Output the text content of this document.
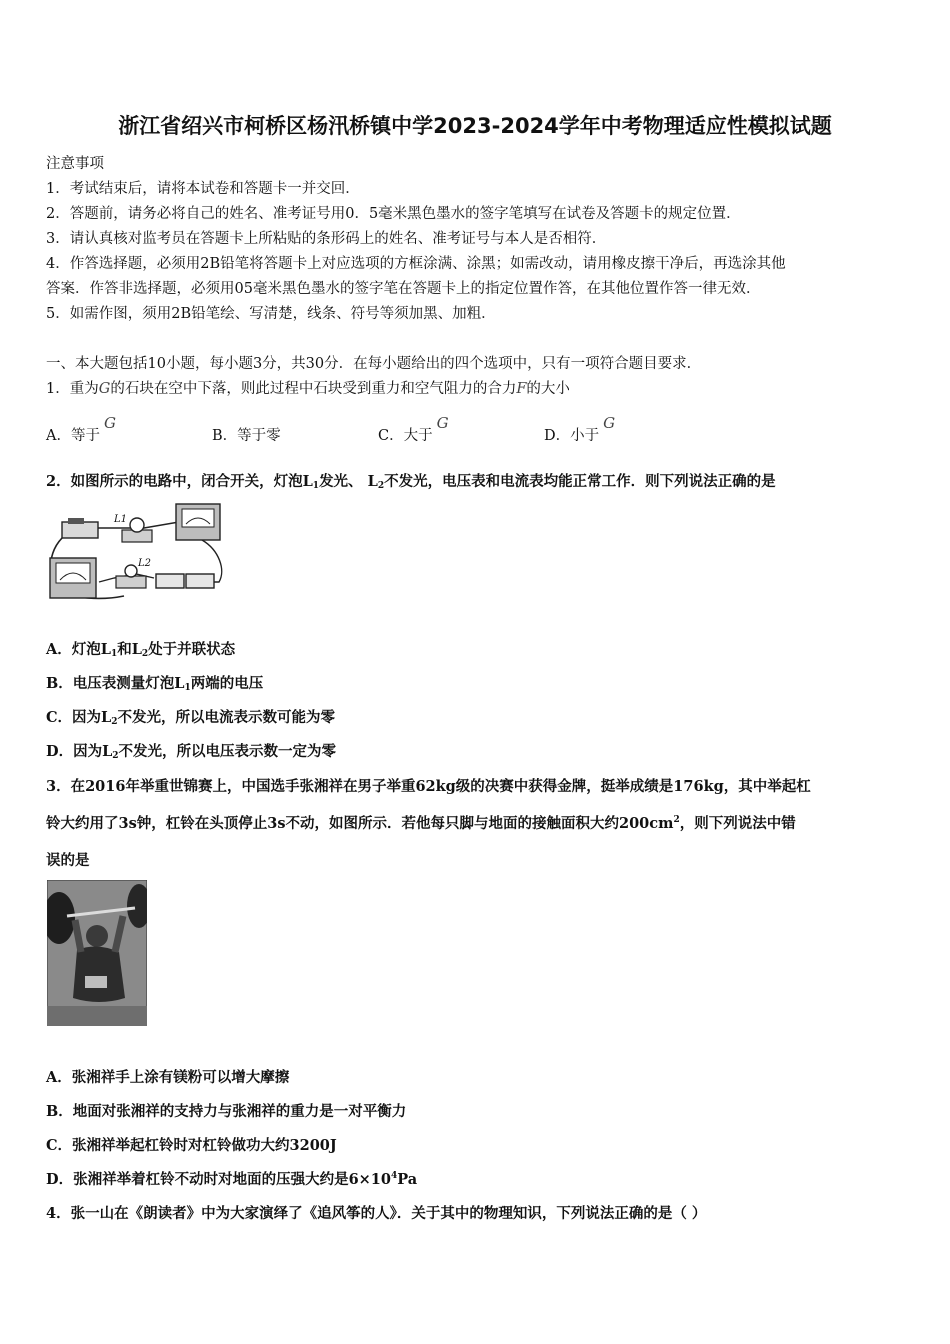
浙江省绍兴市柯桥区杨汛桥镇中学2023-2024学年中考物理适应性模拟试题
注意事项
1．考试结束后，请将本试卷和答题卡一并交回．
2．答题前，请务必将自己的姓名、准考证号用0．5毫米黑色墨水的签字笔填写在试卷及答题卡的规定位置．
3．请认真核对监考员在答题卡上所粘贴的条形码上的姓名、准考证号与本人是否相符．
4．作答选择题，必须用2B铅笔将答题卡上对应选项的方框涂满、涂黑；如需改动，请用橡皮擦干净后，再选涂其他
答案．作答非选择题，必须用05毫米黑色墨水的签字笔在答题卡上的指定位置作答，在其他位置作答一律无效．
5．如需作图，须用2B铅笔绘、写清楚，线条、符号等须加黑、加粗．
一、本大题包括10小题，每小题3分，共30分．在每小题给出的四个选项中，只有一项符合题目要求．
1．重为G的石块在空中下落，则此过程中石块受到重力和空气阻力的合力F的大小
A．等于G
B．等于零	C．大于G
D．小于G
2．如图所示的电路中，闭合开关，灯泡$L_1$发光、 $L_2$不发光，电压表和电流表均能正常工作．则下列说法正确的是
L1
L2
A．灯泡$L_1$和$L_2$处于并联状态
B．电压表测量灯泡$L_1$两端的电压
C．因为$L_2$不发光，所以电流表示数可能为零
D．因为$L_2$不发光，所以电压表示数一定为零
3．在2016年举重世锦赛上，中国选手张湘祥在男子举重62kg级的决赛中获得金牌，挺举成绩是176kg，其中举起杠
铃大约用了3s钟，杠铃在头顶停止3s不动，如图所示．若他每只脚与地面的接触面积大约$200cm^2$，则下列说法中错
误的是
A．张湘祥手上涂有镁粉可以增大摩擦
B．地面对张湘祥的支持力与张湘祥的重力是一对平衡力
C．张湘祥举起杠铃时对杠铃做功大约3200J
D．张湘祥举着杠铃不动时对地面的压强大约是$6\times 10^4Pa$
4．张一山在《朗读者》中为大家演绎了《追风筝的人》．关于其中的物理知识，下列说法正确的是（ ）
